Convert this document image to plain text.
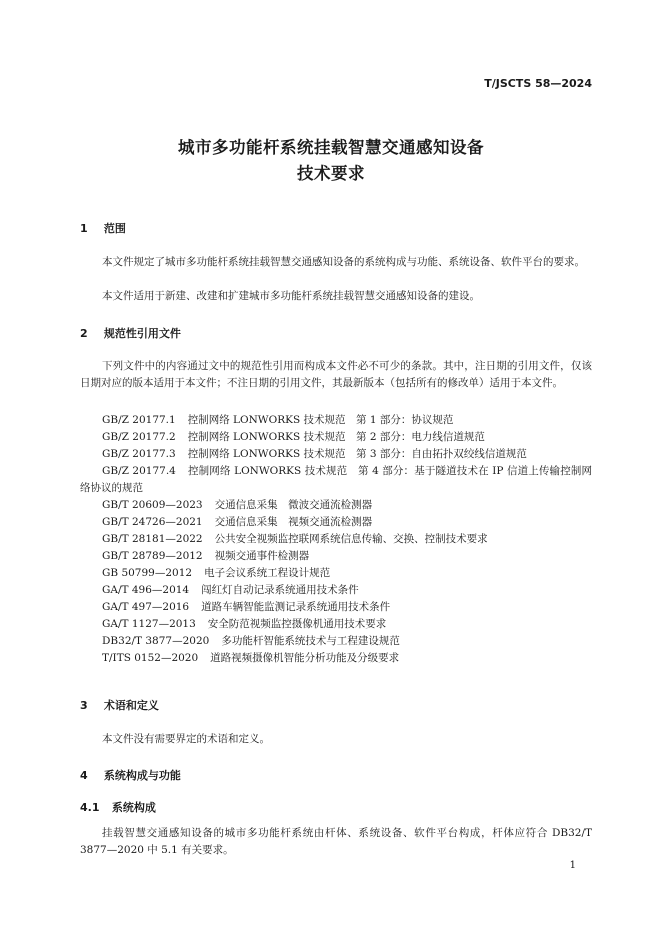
T/JSCTS 58—2024
城市多功能杆系统挂载智慧交通感知设备
技术要求
1 范围
本文件规定了城市多功能杆系统挂载智慧交通感知设备的系统构成与功能、系统设备、软件平台的要求。
本文件适用于新建、改建和扩建城市多功能杆系统挂载智慧交通感知设备的建设。
2 规范性引用文件
下列文件中的内容通过文中的规范性引用而构成本文件必不可少的条款。其中，注日期的引用文件，仅该日期对应的版本适用于本文件；不注日期的引用文件，其最新版本（包括所有的修改单）适用于本文件。
GB/Z 20177.1 控制网络 LONWORKS 技术规范　第 1 部分：协议规范
GB/Z 20177.2 控制网络 LONWORKS 技术规范　第 2 部分：电力线信道规范
GB/Z 20177.3 控制网络 LONWORKS 技术规范　第 3 部分：自由拓扑双绞线信道规范
GB/Z 20177.4 控制网络 LONWORKS 技术规范　第 4 部分：基于隧道技术在 IP 信道上传输控制网络协议的规范
GB/T 20609—2023 交通信息采集　微波交通流检测器
GB/T 24726—2021 交通信息采集　视频交通流检测器
GB/T 28181—2022 公共安全视频监控联网系统信息传输、交换、控制技术要求
GB/T 28789—2012 视频交通事件检测器
GB 50799—2012 电子会议系统工程设计规范
GA/T 496—2014 闯红灯自动记录系统通用技术条件
GA/T 497—2016 道路车辆智能监测记录系统通用技术条件
GA/T 1127—2013 安全防范视频监控摄像机通用技术要求
DB32/T 3877—2020 多功能杆智能系统技术与工程建设规范
T/ITS 0152—2020 道路视频摄像机智能分析功能及分级要求
3 术语和定义
本文件没有需要界定的术语和定义。
4 系统构成与功能
4.1 系统构成
挂载智慧交通感知设备的城市多功能杆系统由杆体、系统设备、软件平台构成，杆体应符合 DB32/T 3877—2020 中 5.1 有关要求。
1
